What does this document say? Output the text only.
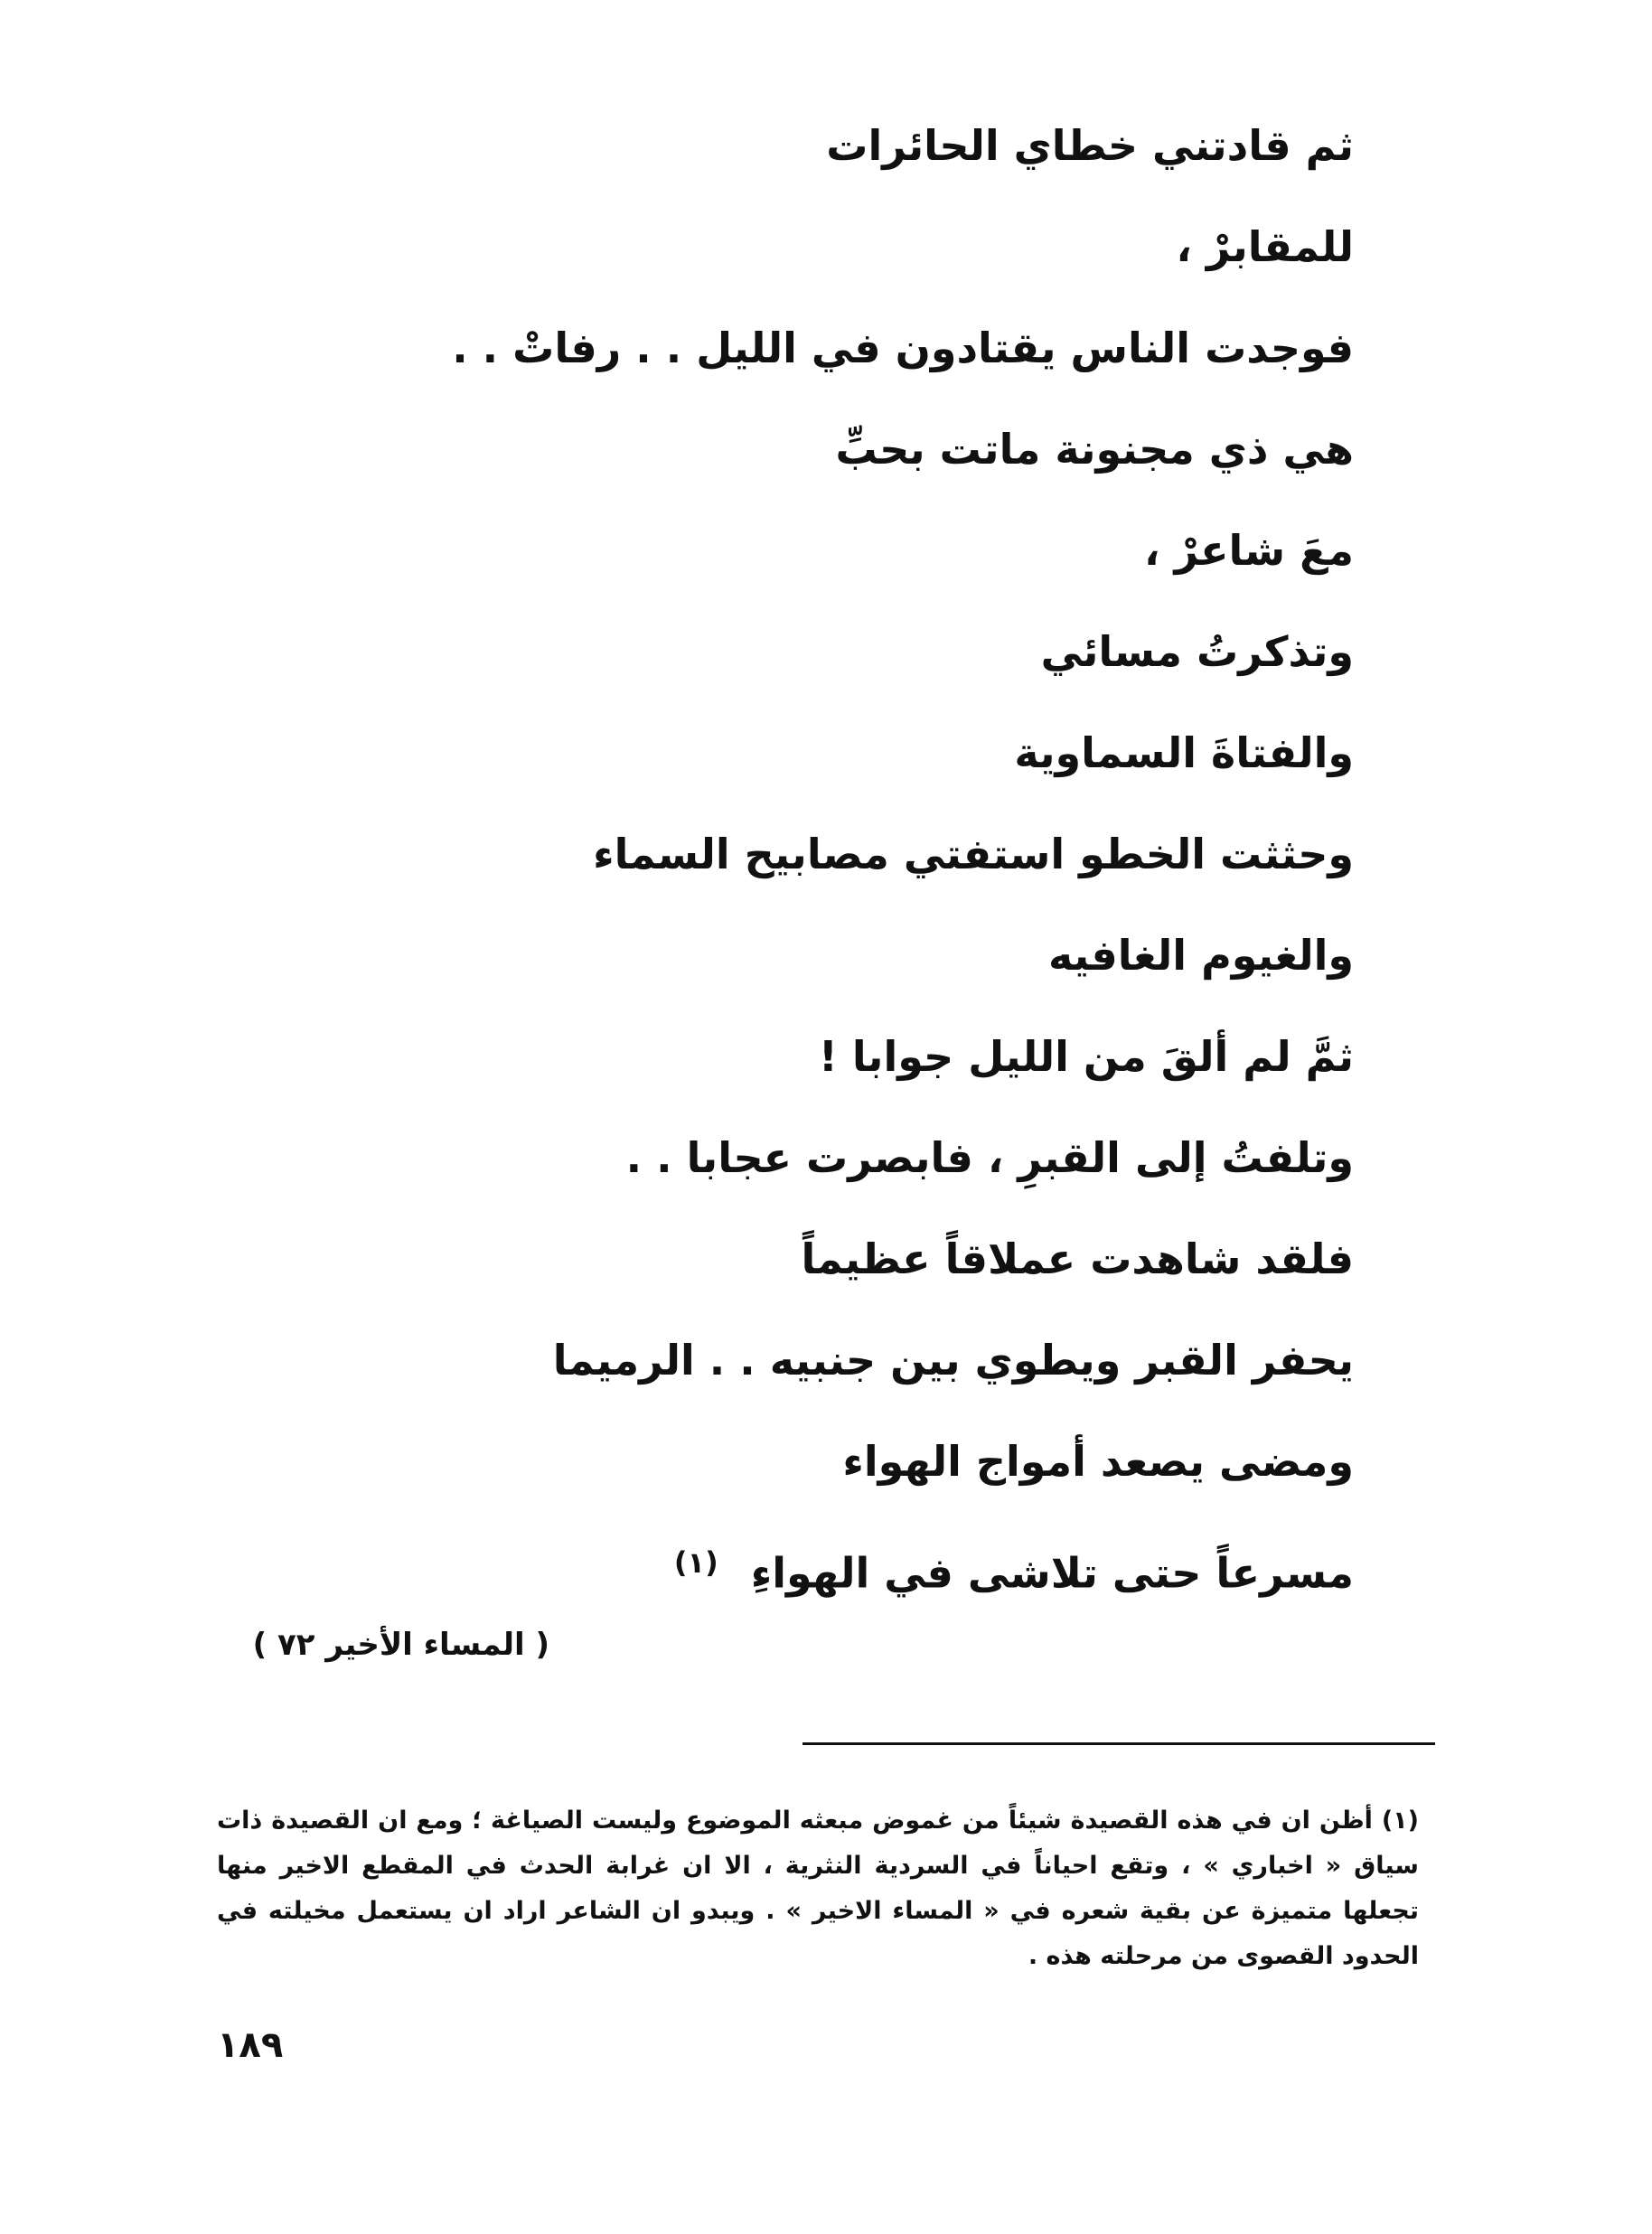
ثم قادتني خطاي الحائرات
للمقابرْ ،
فوجدت الناس يقتادون في الليل . . رفاتْ . .
هي ذي مجنونة ماتت بحبِّ
معَ شاعرْ ،
وتذكرتُ مسائي
والفتاةَ السماوية
وحثثت الخطو استفتي مصابيح السماء
والغيوم الغافيه
ثمَّ لم ألقَ من الليل جوابا !
وتلفتُ إلى القبرِ ، فابصرت عجابا . .
فلقد شاهدت عملاقاً عظيماً
يحفر القبر ويطوي بين جنبيه . . الرميما
ومضى يصعد أمواج الهواء
مسرعاً حتى تلاشى في الهواءِ $^{(١)}$
( المساء الأخير ٧٢ )
(١) أظن ان في هذه القصيدة شيئاً من غموض مبعثه الموضوع وليست الصياغة ؛ ومع ان القصيدة ذات سياق « اخباري » ، وتقع احياناً في السردية النثرية ، الا ان غرابة الحدث في المقطع الاخير منها تجعلها متميزة عن بقية شعره في « المساء الاخير » . ويبدو ان الشاعر اراد ان يستعمل مخيلته في الحدود القصوى من مرحلته هذه .
١٨٩
